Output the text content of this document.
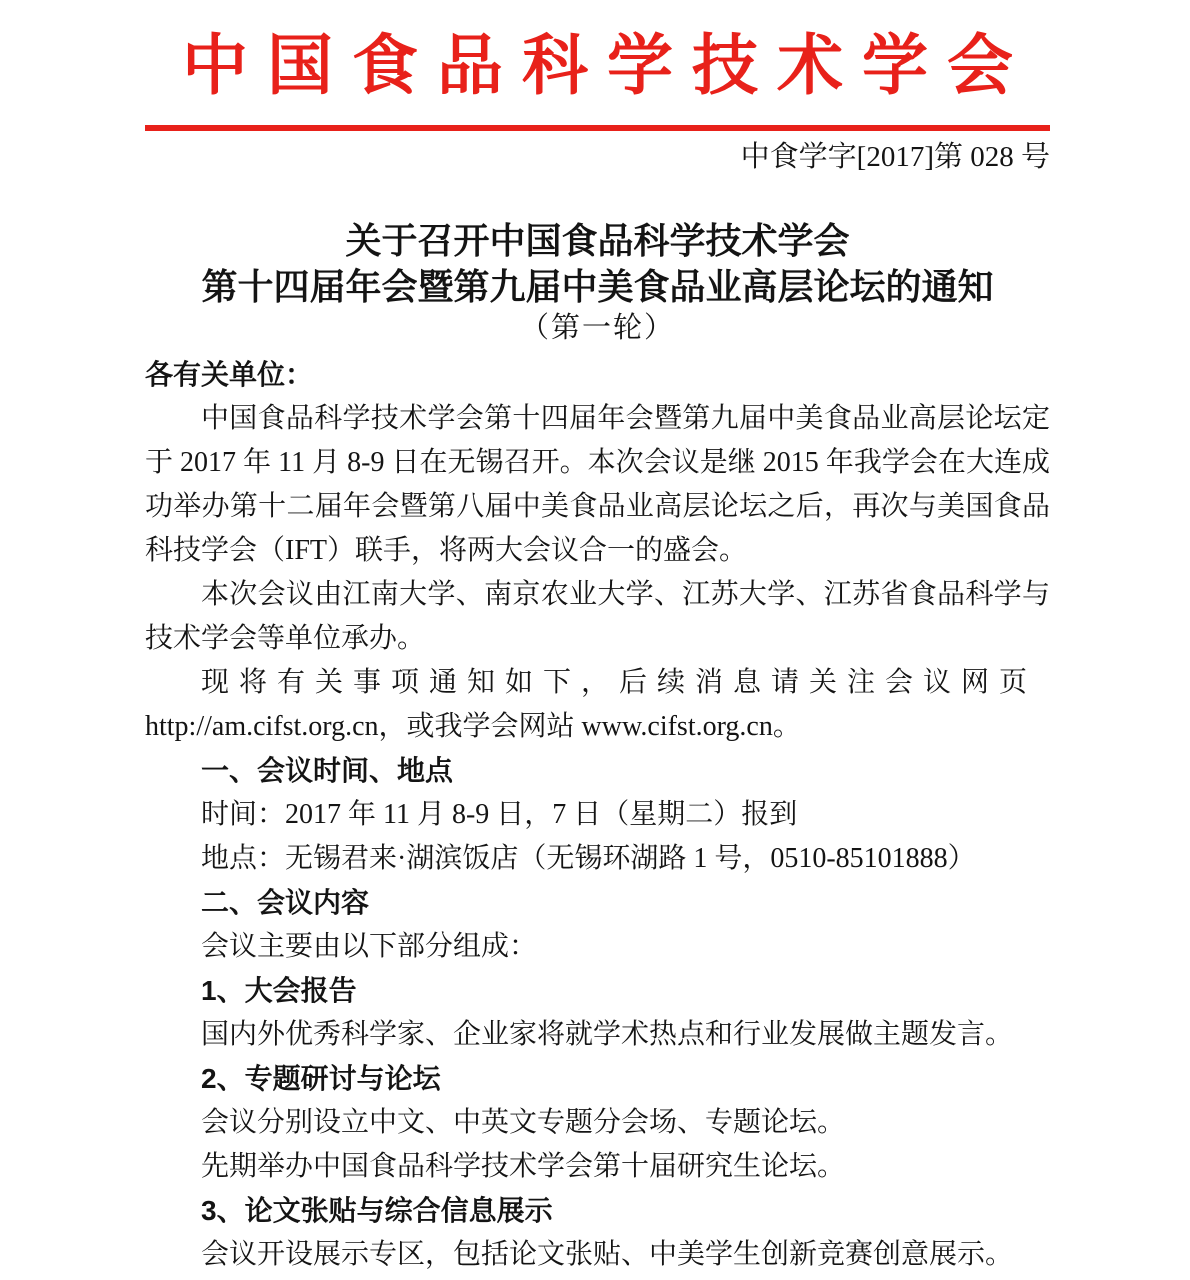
中国食品科学技术学会
中食学字[2017]第 028 号
关于召开中国食品科学技术学会
第十四届年会暨第九届中美食品业高层论坛的通知
（第一轮）
各有关单位：

中国食品科学技术学会第十四届年会暨第九届中美食品业高层论坛定于 2017 年 11 月 8-9 日在无锡召开。本次会议是继 2015 年我学会在大连成功举办第十二届年会暨第八届中美食品业高层论坛之后，再次与美国食品科技学会（IFT）联手，将两大会议合一的盛会。

本次会议由江南大学、南京农业大学、江苏大学、江苏省食品科学与技术学会等单位承办。

现将有关事项通知如下，后续消息请关注会议网页
http://am.cifst.org.cn，或我学会网站 www.cifst.org.cn。
一、会议时间、地点
时间：2017 年 11 月 8-9 日，7 日（星期二）报到
地点：无锡君来·湖滨饭店（无锡环湖路 1 号，0510-85101888）
二、会议内容
会议主要由以下部分组成：
1、大会报告
国内外优秀科学家、企业家将就学术热点和行业发展做主题发言。
2、专题研讨与论坛
会议分别设立中文、中英文专题分会场、专题论坛。
先期举办中国食品科学技术学会第十届研究生论坛。
3、论文张贴与综合信息展示
会议开设展示专区，包括论文张贴、中美学生创新竞赛创意展示。
